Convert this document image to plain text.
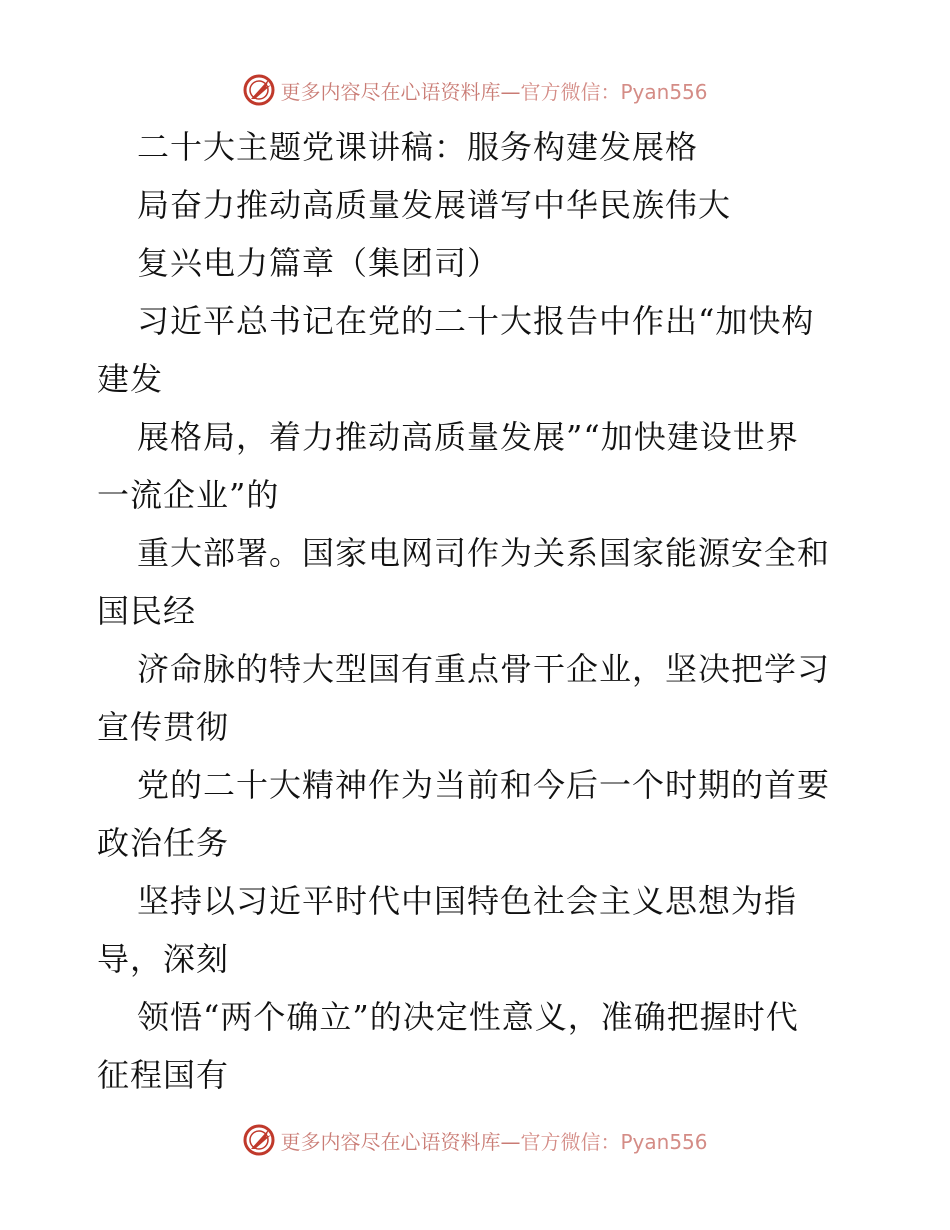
更多内容尽在心语资料库—官方微信：Pyan556
二十大主题党课讲稿：服务构建发展格
局奋力推动高质量发展谱写中华民族伟大
复兴电力篇章（集团司）
习近平总书记在党的二十大报告中作出“加快构
建发
展格局，着力推动高质量发展”“加快建设世界
一流企业”的
重大部署。国家电网司作为关系国家能源安全和
国民经
济命脉的特大型国有重点骨干企业，坚决把学习
宣传贯彻
党的二十大精神作为当前和今后一个时期的首要
政治任务
坚持以习近平时代中国特色社会主义思想为指
导，深刻
领悟“两个确立”的决定性意义，准确把握时代
征程国有
更多内容尽在心语资料库—官方微信：Pyan556
